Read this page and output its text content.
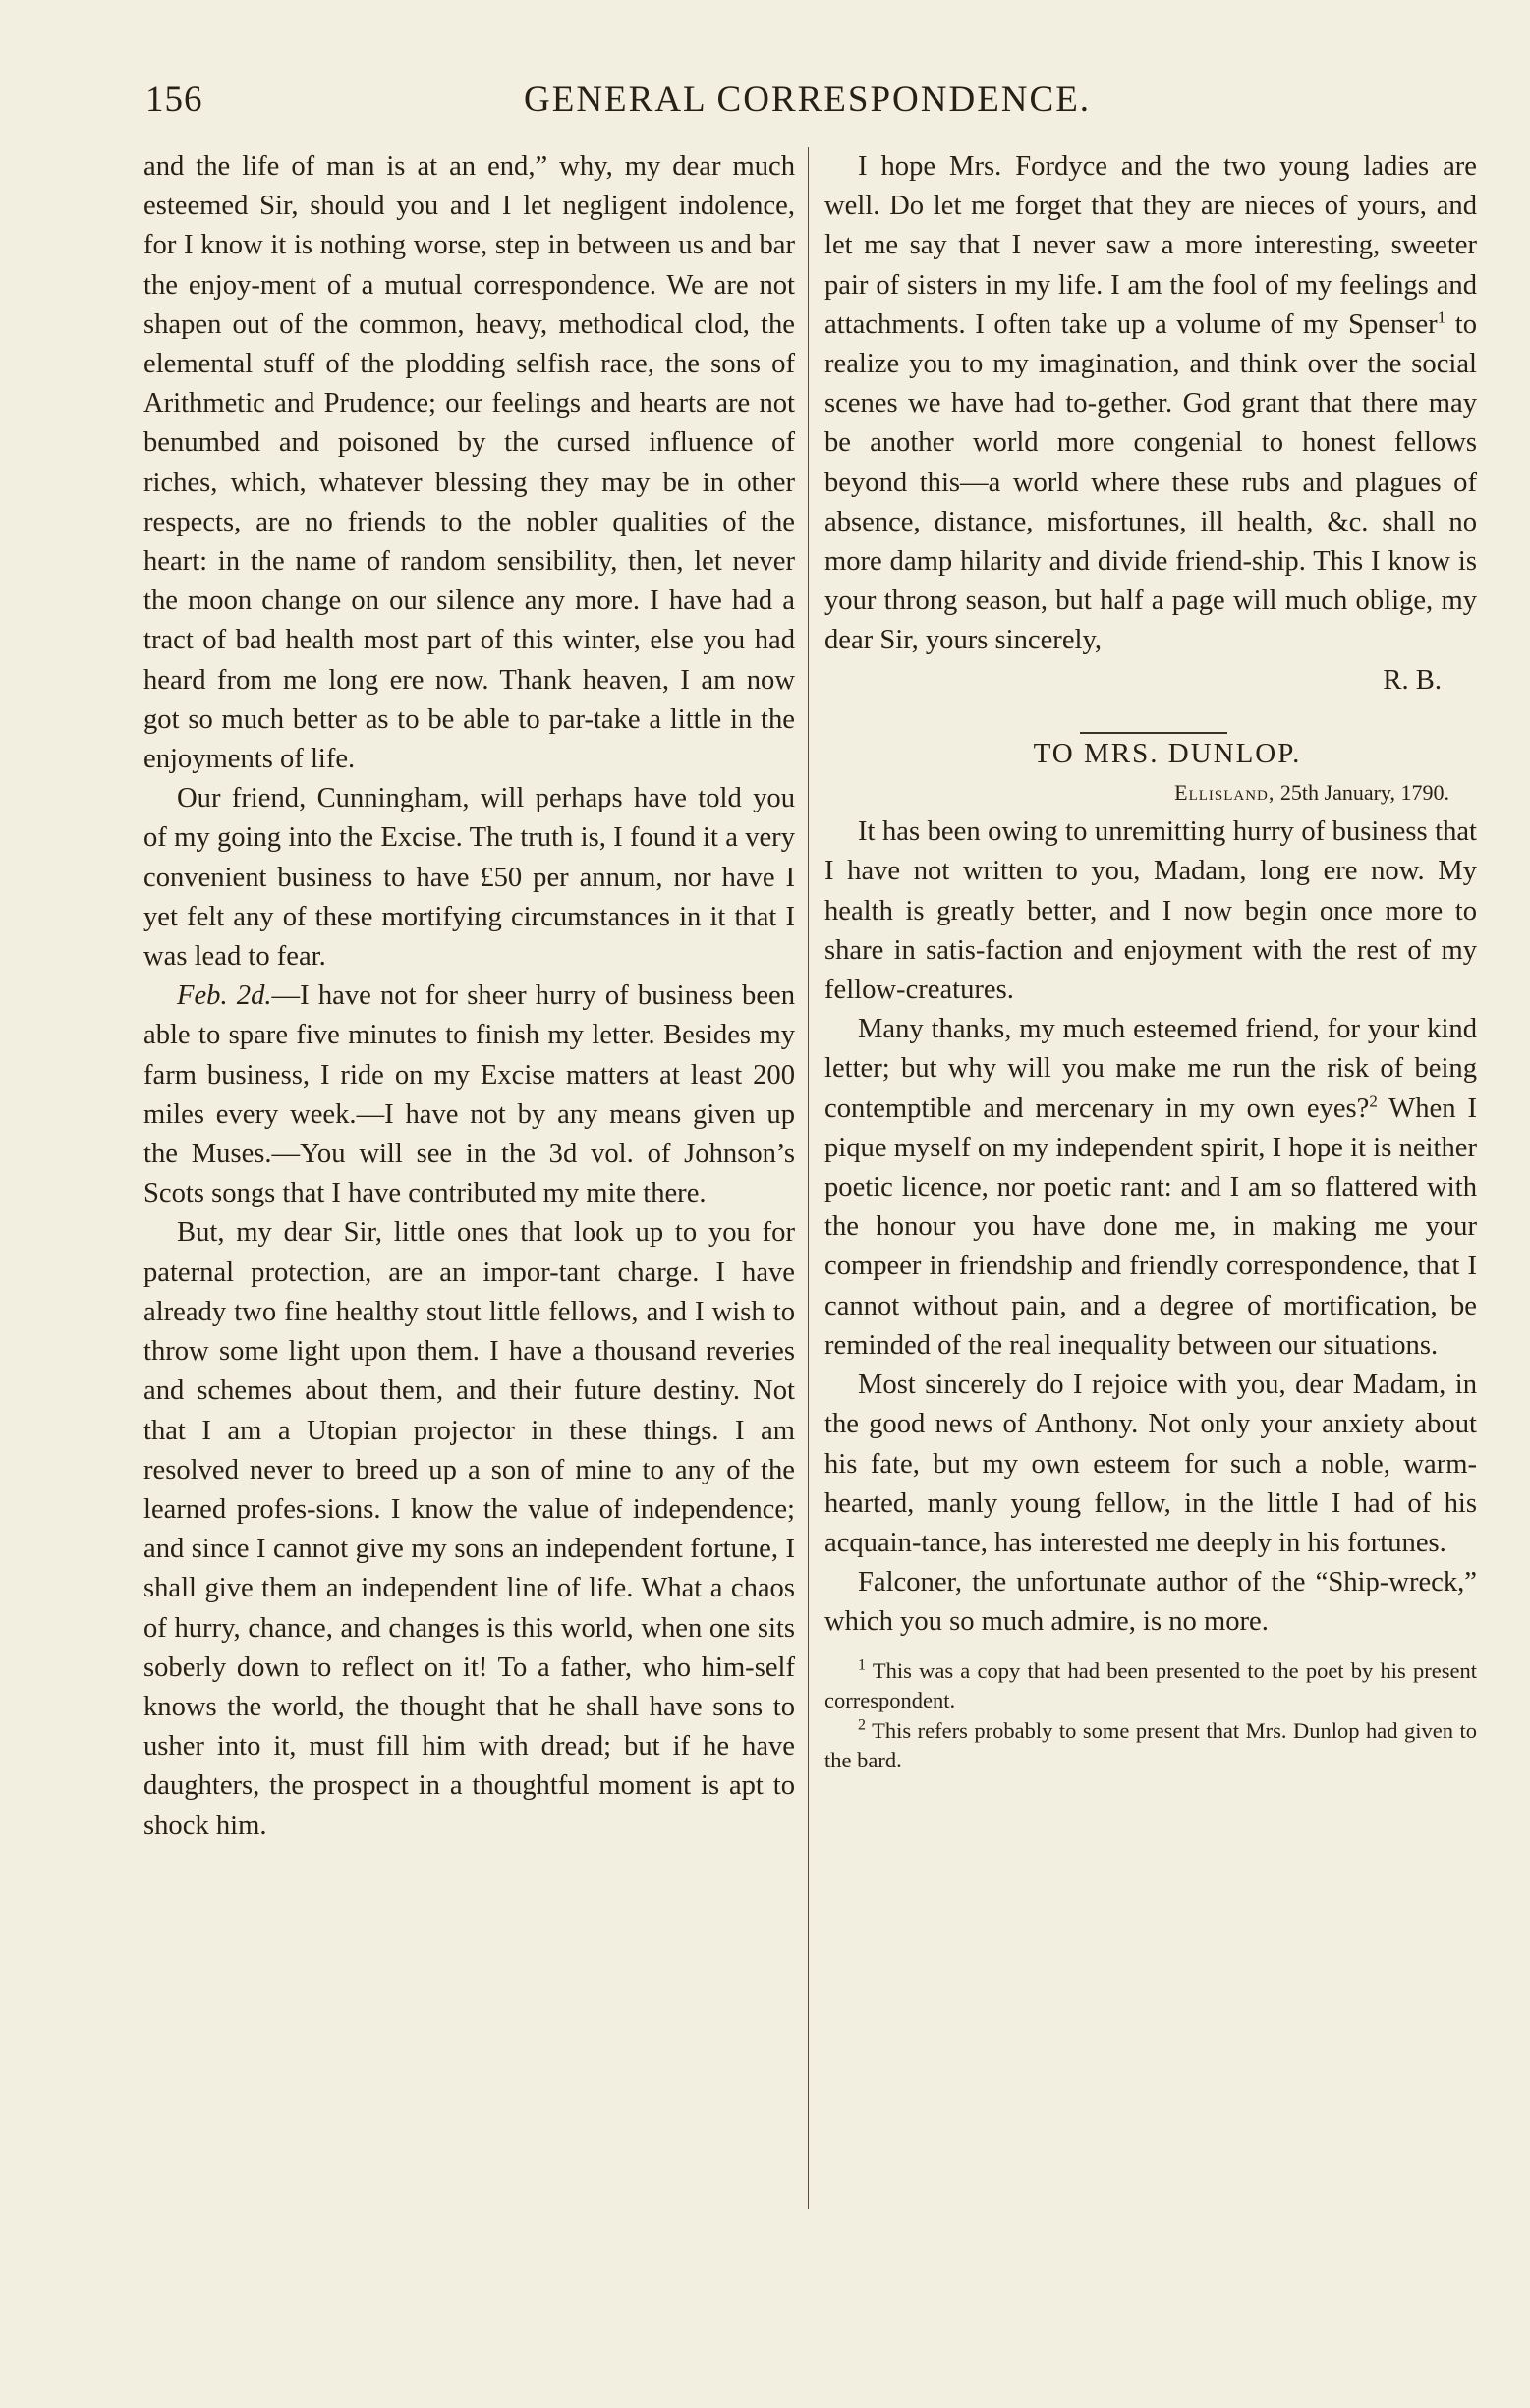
156	GENERAL CORRESPONDENCE.

and the life of man is at an end,” why, my dear much esteemed Sir, should you and I let negligent indolence, for I know it is nothing worse, step in between us and bar the enjoy-ment of a mutual correspondence. We are not shapen out of the common, heavy, methodical clod, the elemental stuff of the plodding selfish race, the sons of Arithmetic and Prudence; our feelings and hearts are not benumbed and poisoned by the cursed influence of riches, which, whatever blessing they may be in other respects, are no friends to the nobler qualities of the heart: in the name of random sensibility, then, let never the moon change on our silence any more. I have had a tract of bad health most part of this winter, else you had heard from me long ere now. Thank heaven, I am now got so much better as to be able to par-take a little in the enjoyments of life.

Our friend, Cunningham, will perhaps have told you of my going into the Excise. The truth is, I found it a very convenient business to have £50 per annum, nor have I yet felt any of these mortifying circumstances in it that I was lead to fear.

Feb. 2d.—I have not for sheer hurry of business been able to spare five minutes to finish my letter. Besides my farm business, I ride on my Excise matters at least 200 miles every week.—I have not by any means given up the Muses.—You will see in the 3d vol. of Johnson’s Scots songs that I have contributed my mite there.

But, my dear Sir, little ones that look up to you for paternal protection, are an impor-tant charge. I have already two fine healthy stout little fellows, and I wish to throw some light upon them. I have a thousand reveries and schemes about them, and their future destiny. Not that I am a Utopian projector in these things. I am resolved never to breed up a son of mine to any of the learned profes-sions. I know the value of independence; and since I cannot give my sons an independent fortune, I shall give them an independent line of life. What a chaos of hurry, chance, and changes is this world, when one sits soberly down to reflect on it! To a father, who him-self knows the world, the thought that he shall have sons to usher into it, must fill him with dread; but if he have daughters, the prospect in a thoughtful moment is apt to shock him.

I hope Mrs. Fordyce and the two young ladies are well. Do let me forget that they are nieces of yours, and let me say that I never saw a more interesting, sweeter pair of sisters in my life. I am the fool of my feelings and attachments. I often take up a volume of my Spenser$^1$ to realize you to my imagination, and think over the social scenes we have had to-gether. God grant that there may be another world more congenial to honest fellows beyond this—a world where these rubs and plagues of absence, distance, misfortunes, ill health, &c. shall no more damp hilarity and divide friend-ship. This I know is your throng season, but half a page will much oblige, my dear Sir, yours sincerely,

R. B.

TO MRS. DUNLOP.

Ellisland, 25th January, 1790.

It has been owing to unremitting hurry of business that I have not written to you, Madam, long ere now. My health is greatly better, and I now begin once more to share in satis-faction and enjoyment with the rest of my fellow-creatures.

Many thanks, my much esteemed friend, for your kind letter; but why will you make me run the risk of being contemptible and mercenary in my own eyes?$^2$ When I pique myself on my independent spirit, I hope it is neither poetic licence, nor poetic rant: and I am so flattered with the honour you have done me, in making me your compeer in friendship and friendly correspondence, that I cannot without pain, and a degree of mortification, be reminded of the real inequality between our situations.

Most sincerely do I rejoice with you, dear Madam, in the good news of Anthony. Not only your anxiety about his fate, but my own esteem for such a noble, warm-hearted, manly young fellow, in the little I had of his acquain-tance, has interested me deeply in his fortunes.

Falconer, the unfortunate author of the “Ship-wreck,” which you so much admire, is no more.

$^1$ This was a copy that had been presented to the poet by his present correspondent.

$^2$ This refers probably to some present that Mrs. Dunlop had given to the bard.
